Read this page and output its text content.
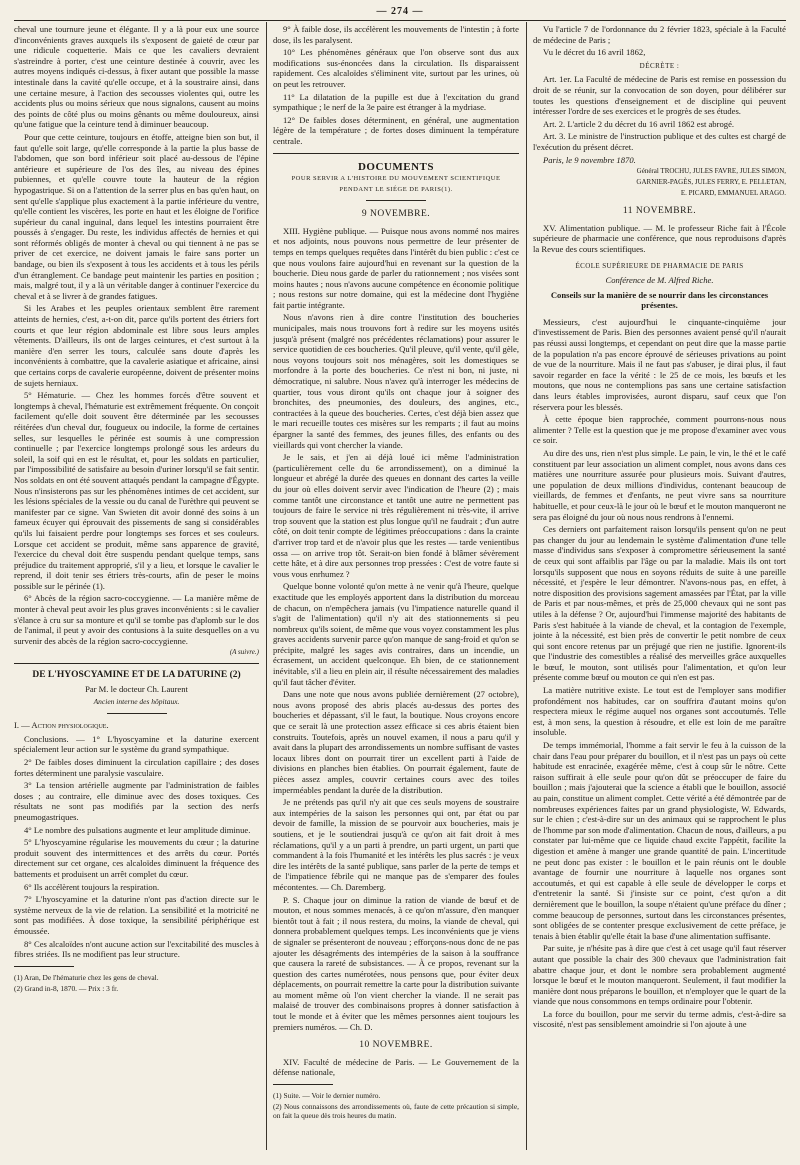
— 274 —

cheval une tournure jeune et élégante. Il y a là pour eux une source d'inconvénients graves auxquels ils s'exposent de gaieté de cœur par une ridicule coquetterie. Mais ce que les cavaliers devraient s'astreindre à porter, c'est une ceinture destinée à couvrir, avec les autres moyens indiqués ci-dessus, à fixer autant que possible la masse intestinale dans la cavité qu'elle occupe, et à la soustraire ainsi, dans une certaine mesure, à l'action des secousses violentes qui, outre les accidents plus ou moins sérieux que nous signalons, causent au moins des points de côté plus ou moins gênants ou même douloureux, ainsi qu'une fatigue que la ceinture tend à diminuer beaucoup.

Pour que cette ceinture, toujours en étoffe, atteigne bien son but, il faut qu'elle soit large, qu'elle corresponde à la partie la plus basse de l'abdomen, que son bord inférieur soit placé au-dessous de l'épine antérieure et supérieure de l'os des îles, au niveau des épines pubiennes, et qu'elle couvre toute la hauteur de la région hypogastrique. Si on a l'attention de la serrer plus en bas qu'en haut, on sent qu'elle s'applique plus exactement à la partie inférieure du ventre, qu'elle contient les viscères, les porte en haut et les éloigne de l'orifice supérieur du canal inguinal, dans lequel les intestins pourraient être poussés à s'engager. Du reste, les individus affectés de hernies et qui sont réformés obligés de monter à cheval ou qui tiennent à ne pas se priver de cet exercice, ne doivent jamais le faire sans porter un bandage, ou bien ils s'exposent à tous les accidents et à tous les périls d'un étranglement. Ce bandage peut maintenir les parties en position ; mais, malgré tout, il y a là un véritable danger à continuer l'exercice du cheval et à se livrer à de grandes fatigues.

Si les Arabes et les peuples orientaux semblent être rarement atteints de hernies, c'est, a-t-on dit, parce qu'ils portent des étriers fort courts et que leur région abdominale est libre sous leurs amples vêtements. D'ailleurs, ils ont de larges ceintures, et c'est surtout à la manière d'en serrer les tours, calculée sans doute d'après les inconvénients à combattre, que la cavalerie asiatique et africaine, ainsi que certains corps de cavalerie européenne, doivent de présenter moins de sujets herniaux.

5° Hématurie. — Chez les hommes forcés d'être souvent et longtemps à cheval, l'hématurie est extrêmement fréquente. On conçoit facilement qu'elle doit souvent être déterminée par les secousses réitérées d'un cheval dur, fougueux ou indocile, la forme de certaines selles, sur lesquelles le périnée est soumis à une compression continuelle ; par l'exercice longtemps prolongé sous les ardeurs du soleil, la soif qui en est le résultat, et, pour les soldats en particulier, par l'impossibilité de satisfaire au besoin d'uriner lorsqu'il se fait sentir. Nos soldats en ont été souvent attaqués pendant la campagne d'Égypte. Nous n'insisterons pas sur les phénomènes intimes de cet accident, sur les lésions spéciales de la vessie ou du canal de l'urèthre qui peuvent se manifester par ce signe. Van Swieten dit avoir donné des soins à un fameux écuyer qui éprouvait des pissements de sang si considérables qu'ils lui faisaient perdre pour longtemps ses forces et ses couleurs. Lorsque cet accident se produit, même sans apparence de gravité, l'exercice du cheval doit être suspendu pendant quelque temps, sans préjudice du traitement approprié, s'il y a lieu, et lorsque le cavalier le reprend, il doit tenir ses étriers très-courts, afin de peser le moins possible sur le périnée (1).

6° Abcès de la région sacro-coccygienne. — La manière même de monter à cheval peut avoir les plus graves inconvénients : si le cavalier s'élance à cru sur sa monture et qu'il se tombe pas d'aplomb sur le dos de l'animal, il peut y avoir des contusions à la suite desquelles on a vu survenir des abcès de la région sacro-coccygienne.

(A suivre.)

DE L'HYOSCYAMINE ET DE LA DATURINE (2)

Par M. le docteur Ch. Laurent

Ancien interne des hôpitaux.

I. — Action physiologique.

Conclusions. — 1° L'hyoscyamine et la daturine exercent spécialement leur action sur le système du grand sympathique.

2° De faibles doses diminuent la circulation capillaire ; des doses fortes déterminent une paralysie vasculaire.

3° La tension artérielle augmente par l'administration de faibles doses ; au contraire, elle diminue avec des doses toxiques. Ces résultats ne sont pas modifiés par la section des nerfs pneumogastriques.

4° Le nombre des pulsations augmente et leur amplitude diminue.

5° L'hyoscyamine régularise les mouvements du cœur ; la daturine produit souvent des intermittences et des arrêts du cœur. Portés directement sur cet organe, ces alcaloïdes diminuent la fréquence des battements et produisent un arrêt complet du cœur.

6° Ils accélèrent toujours la respiration.

7° L'hyoscyamine et la daturine n'ont pas d'action directe sur le système nerveux de la vie de relation. La sensibilité et la motricité ne sont pas modifiées. À dose toxique, la sensibilité périphérique est émoussée.

8° Ces alcaloïdes n'ont aucune action sur l'excitabilité des muscles à fibres striées. Ils ne modifient pas leur structure.

(1) Aran, De l'hématurie chez les gens de cheval.

(2) Grand in-8, 1870. — Prix : 3 fr.

9° À faible dose, ils accélèrent les mouvements de l'intestin ; à forte dose, ils les paralysent.

10° Les phénomènes généraux que l'on observe sont dus aux modifications sus-énoncées dans la circulation. Ils disparaissent rapidement. Ces alcaloïdes s'éliminent vite, surtout par les urines, où on peut les retrouver.

11° La dilatation de la pupille est due à l'excitation du grand sympathique ; le nerf de la 3e paire est étranger à la mydriase.

12° De faibles doses déterminent, en général, une augmentation légère de la température ; de fortes doses diminuent la température centrale.

DOCUMENTS

POUR SERVIR A L'HISTOIRE DU MOUVEMENT SCIENTIFIQUE

PENDANT LE SIÉGE DE PARIS(1).

9 NOVEMBRE.

XIII. Hygiène publique. — Puisque nous avons nommé nos maires et nos adjoints, nous pouvons nous permettre de leur présenter de temps en temps quelques requêtes dans l'intérêt du bien public : c'est ce que nous voulons faire aujourd'hui en revenant sur la question de la boucherie. Dieu nous garde de parler du rationnement ; nos visées sont moins hautes ; nous n'avons aucune compétence en économie politique ; nous restons sur notre domaine, qui est la médecine dont l'hygiène fait partie intégrante.

Nous n'avons rien à dire contre l'institution des boucheries municipales, mais nous trouvons fort à redire sur les moyens usités jusqu'à présent (malgré nos précédentes réclamations) pour assurer le service quotidien de ces boucheries. Qu'il pleuve, qu'il vente, qu'il gèle, nous voyons toujours soit nos ménagères, soit les domestiques se morfondre à la porte des boucheries. Ce n'est ni bon, ni juste, ni démocratique, ni salubre. Nous n'avez qu'à interroger les médecins de quartier, tous vous diront qu'ils ont chaque jour à soigner des bronchites, des pneumonies, des douleurs, des angines, etc., contractées à la queue des boucheries. Certes, c'est déjà bien assez que le mari recueille toutes ces misères sur les remparts ; il faut au moins épargner la santé des femmes, des jeunes filles, des enfants ou des vieillards qui vont chercher la viande.

Je le sais, et j'en ai déjà loué ici même l'administration (particulièrement celle du 6e arrondissement), on a diminué la longueur et abrégé la durée des queues en donnant des cartes la veille du jour où elles doivent servir avec l'indication de l'heure (2) ; mais comme tantôt une circonstance et tantôt une autre ne permettent pas toujours de faire le service ni très régulièrement ni très-vite, il arrive trop souvent que la station est plus longue qu'il ne faudrait ; d'un autre côté, on doit tenir compte de légitimes préoccupations : dans la crainte d'arriver trop tard et de n'avoir plus que les restes — tarde venientibus ossa — on arrive trop tôt. Serait-on bien fondé à blâmer sévèrement cette hâte, et à dire aux personnes trop pressées : C'est de votre faute si vous vous enrhumez ?

Quelque bonne volonté qu'on mette à ne venir qu'à l'heure, quelque exactitude que les employés apportent dans la distribution du morceau de chacun, on n'empêchera jamais (vu l'impatience naturelle quand il s'agit de l'alimentation) qu'il n'y ait des stationnements si peu nombreux qu'ils soient, de même que vous voyez constamment les plus graves accidents survenir parce qu'on manque de sang-froid et qu'on se précipite, malgré les sages avis contraires, dans un incendie, un écrasement, un accident quelconque. Eh bien, de ce stationnement inévitable, s'il a lieu en plein air, il résulte nécessairement des maladies qu'il faut tâcher d'éviter.

Dans une note que nous avons publiée dernièrement (27 octobre), nous avons proposé des abris placés au-dessus des portes des boucheries et dépassant, s'il le faut, la boutique. Nous croyons encore que ce serait là une protection assez efficace si ces abris étaient bien construits. Toutefois, après un nouvel examen, il nous a paru qu'il y avait dans la plupart des arrondissements un nombre suffisant de vastes locaux libres dont on pourrait tirer un excellent parti à l'aide de divisions en planches bien établies. On pourrait également, faute de pièces assez amples, couvrir certaines cours avec des toiles imperméables pendant la durée de la distribution.

Je ne prétends pas qu'il n'y ait que ces seuls moyens de soustraire aux intempéries de la saison les personnes qui ont, par état ou par devoir de famille, la mission de se pourvoir aux boucheries, mais je soutiens, et je le soutiendrai jusqu'à ce qu'on ait fait droit à mes réclamations, qu'il y a un parti à prendre, un parti urgent, un parti que commandent à la fois l'humanité et les intérêts les plus sacrés : je veux dire les intérêts de la santé publique, sans parler de la perte de temps et de l'impatience fébrile qui ne manque pas de s'emparer des foules mécontentes. — Ch. Daremberg.

P. S. Chaque jour on diminue la ration de viande de bœuf et de mouton, et nous sommes menacés, à ce qu'on m'assure, d'en manquer bientôt tout à fait ; il nous restera, du moins, la viande de cheval, qui donnera probablement quelques temps. Les inconvénients que je viens de signaler se présenteront de nouveau ; efforçons-nous donc de ne pas ajouter les désagréments des intempéries de la saison à la souffrance que causera la rareté de subsistances. — À ce propos, revenant sur la question des cartes numérotées, nous pensons que, pour éviter deux déplacements, on pourrait remettre la carte pour la distribution suivante au moment même où l'on vient chercher la viande. Il ne serait pas malaisé de trouver des combinaisons propres à donner satisfaction à tout le monde et à éviter que les mêmes personnes aient toujours les premiers numéros. — Ch. D.

10 NOVEMBRE.

XIV. Faculté de médecine de Paris. — Le Gouvernement de la défense nationale,

(1) Suite. — Voir le dernier numéro.

(2) Nous connaissons des arrondissements où, faute de cette précaution si simple, on fait la queue dès trois heures du matin.

Vu l'article 7 de l'ordonnance du 2 février 1823, spéciale à la Faculté de médecine de Paris ;

Vu le décret du 16 avril 1862,

DÉCRÈTE :

Art. 1er. La Faculté de médecine de Paris est remise en possession du droit de se réunir, sur la convocation de son doyen, pour délibérer sur toutes les questions d'enseignement et de discipline qui peuvent intéresser l'ordre de ses exercices et le progrès de ses études.

Art. 2. L'article 2 du décret du 16 avril 1862 est abrogé.

Art. 3. Le ministre de l'instruction publique et des cultes est chargé de l'exécution du présent décret.

Paris, le 9 novembre 1870.

Général TROCHU, JULES FAVRE, JULES SIMON,

GARNIER-PAGÈS, JULES FERRY, E. PELLETAN,

E. PICARD, EMMANUEL ARAGO.

11 NOVEMBRE.

XV. Alimentation publique. — M. le professeur Riche fait à l'École supérieure de pharmacie une conférence, que nous reproduisons d'après la Revue des cours scientifiques.

ÉCOLE SUPÉRIEURE DE PHARMACIE DE PARIS

Conférence de M. Alfred Riche.

Conseils sur la manière de se nourrir dans les circonstances présentes.

Messieurs, c'est aujourd'hui le cinquante-cinquième jour d'investissement de Paris. Bien des personnes avaient pensé qu'il n'aurait pas réussi aussi longtemps, et cependant on peut dire que la masse partie de la population n'a pas encore éprouvé de sérieuses privations au point de vue de la nourriture. Mais il ne faut pas s'abuser, je dirai plus, il faut savoir regarder en face la vérité : le 25 de ce mois, les bœufs et les moutons, que nous ne contemplions pas sans une certaine satisfaction dans leurs étables improvisées, auront disparu, sauf ceux que l'on réservera pour les blessés.

À cette époque bien rapprochée, comment pourrons-nous nous alimenter ? Telle est la question que je me propose d'examiner avec vous ce soir.

Au dire des uns, rien n'est plus simple. Le pain, le vin, le thé et le café constituent par leur association un aliment complet, nous avons dans ces matières une nourriture assurée pour plusieurs mois. Suivant d'autres, une population de deux millions d'individus, contenant beaucoup de vieillards, de femmes et d'enfants, ne peut vivre sans sa nourriture habituelle, et pour ceux-là le jour où le bœuf et le mouton manqueront ne sera pas éloigné du jour où nous nous rendrons à l'ennemi.

Ces derniers ont parfaitement raison lorsqu'ils pensent qu'on ne peut pas changer du jour au lendemain le système d'alimentation d'une telle masse d'individus sans s'exposer à compromettre sérieusement la santé de ceux qui sont affaiblis par l'âge ou par la maladie. Mais ils ont tort lorsqu'ils supposent que nous en soyons réduits de suite à une pareille nécessité, et j'espère le leur démontrer. N'avons-nous pas, en effet, à notre disposition des provisions sagement amassées par l'État, par la ville de Paris et par nous-mêmes, et près de 25,000 chevaux qui ne sont pas utiles à la défense ? Or, aujourd'hui l'immense majorité des habitants de Paris s'est habituée à la viande de cheval, et la contagion de l'exemple, jointe à la nécessité, est bien près de convertir le petit nombre de ceux qui sont encore retenus par un préjugé que rien ne justifie. Ignorent-ils que l'industrie des comestibles a réalisé des merveilles grâce auxquelles le bœuf, le mouton, sont utilisés pour l'alimentation, et qu'on leur présente comme bœuf ou mouton ce qui n'en est pas.

La matière nutritive existe. Le tout est de l'employer sans modifier profondément nos habitudes, car on souffrira d'autant moins qu'on respectera mieux le régime auquel nos organes sont accoutumés. Telle est, à mon sens, la question à résoudre, et elle est loin de me paraître insoluble.

De temps immémorial, l'homme a fait servir le feu à la cuisson de la chair dans l'eau pour préparer du bouillon, et il n'est pas un pays où cette habitude est enracinée, exagérée même, c'est à coup sûr le nôtre. Cette raison suffirait à elle seule pour qu'on dût se préoccuper de faire du bouillon ; mais j'ajouterai que la science a établi que le bouillon, associé au pain, constitue un aliment complet. Cette vérité a été démontrée par de nombreuses expériences faites par un grand physiologiste, W. Edwards, sur le chien ; c'est-à-dire sur un des animaux qui se rapprochent le plus de l'homme par son mode d'alimentation. Chacun de nous, d'ailleurs, a pu constater par lui-même que ce liquide chaud excite l'appétit, facilite la digestion et amène à manger une grande quantité de pain. L'incertitude ne peut donc pas exister : le bouillon et le pain réunis ont le double avantage de fournir une nourriture à laquelle nos organes sont accoutumés, et qui est capable à elle seule de développer le corps et d'entretenir la santé. Si j'insiste sur ce point, c'est qu'on a dit dernièrement que le bouillon, la soupe n'étaient qu'une préface du dîner ; comme beaucoup de personnes, surtout dans les circonstances présentes, sont obligées de se contenter presque exclusivement de cette préface, je tenais à bien établir qu'elle était la base d'une alimentation suffisante.

Par suite, je n'hésite pas à dire que c'est à cet usage qu'il faut réserver autant que possible la chair des 300 chevaux que l'administration fait abattre chaque jour, et dont le nombre sera probablement augmenté lorsque le bœuf et le mouton manqueront. Seulement, il faut modifier la manière dont nous préparons le bouillon, et n'employer que le quart de la viande que nous consommons en temps ordinaire pour l'obtenir.

La force du bouillon, pour me servir du terme admis, c'est-à-dire sa viscosité, n'est pas sensiblement amoindrie si l'on ajoute à une
